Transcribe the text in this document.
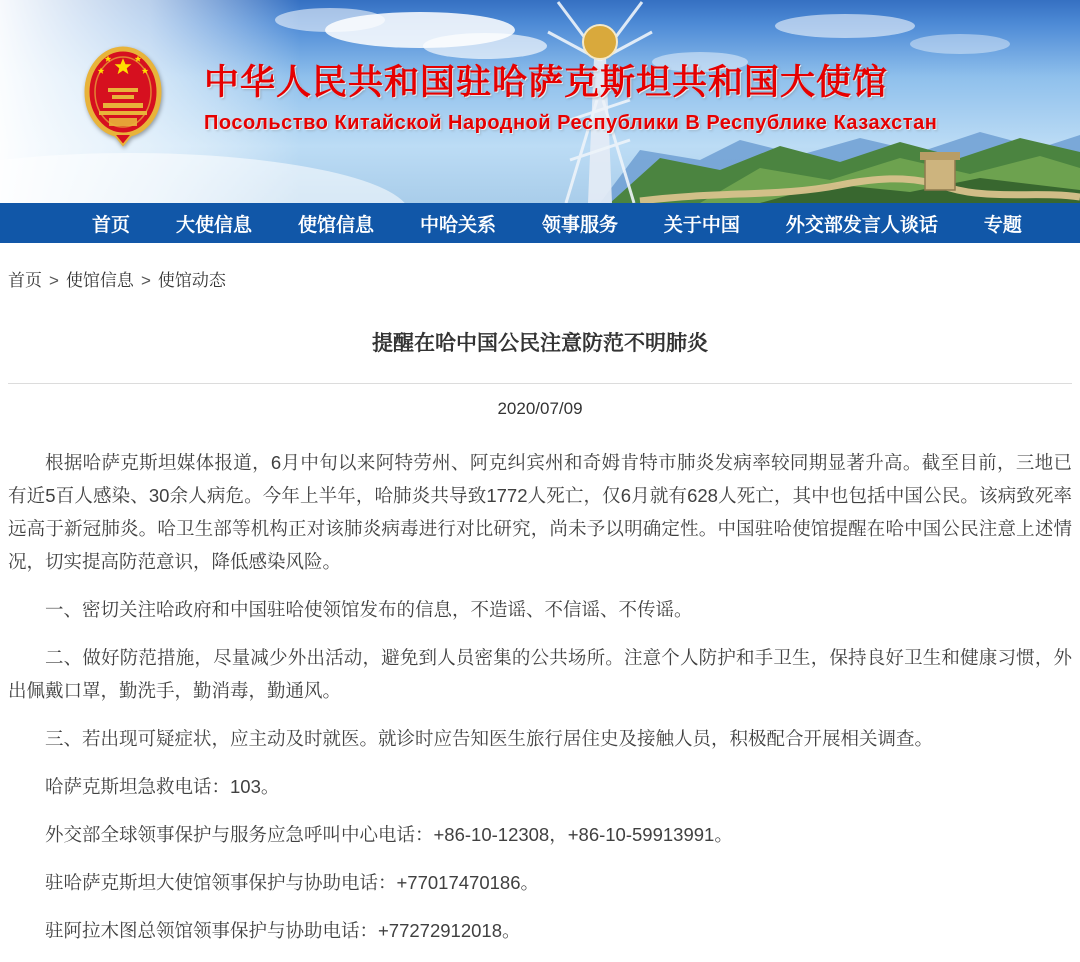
中华人民共和国驻哈萨克斯坦共和国大使馆
Посольство Китайской Народной Республики В Республике Казахстан
首页 大使信息 使馆信息 中哈关系 领事服务 关于中国 外交部发言人谈话 专题
首页 > 使馆信息 > 使馆动态
提醒在哈中国公民注意防范不明肺炎
2020/07/09

根据哈萨克斯坦媒体报道，6月中旬以来阿特劳州、阿克纠宾州和奇姆肯特市肺炎发病率较同期显著升高。截至目前，三地已有近5百人感染、30余人病危。今年上半年，哈肺炎共导致1772人死亡，仅6月就有628人死亡，其中也包括中国公民。该病致死率远高于新冠肺炎。哈卫生部等机构正对该肺炎病毒进行对比研究，尚未予以明确定性。中国驻哈使馆提醒在哈中国公民注意上述情况，切实提高防范意识，降低感染风险。

一、密切关注哈政府和中国驻哈使领馆发布的信息，不造谣、不信谣、不传谣。

二、做好防范措施，尽量减少外出活动，避免到人员密集的公共场所。注意个人防护和手卫生，保持良好卫生和健康习惯，外出佩戴口罩，勤洗手，勤消毒，勤通风。

三、若出现可疑症状，应主动及时就医。就诊时应告知医生旅行居住史及接触人员，积极配合开展相关调查。

哈萨克斯坦急救电话：103。

外交部全球领事保护与服务应急呼叫中心电话：+86-10-12308，+86-10-59913991。

驻哈萨克斯坦大使馆领事保护与协助电话：+77017470186。

驻阿拉木图总领馆领事保护与协助电话：+77272912018。
